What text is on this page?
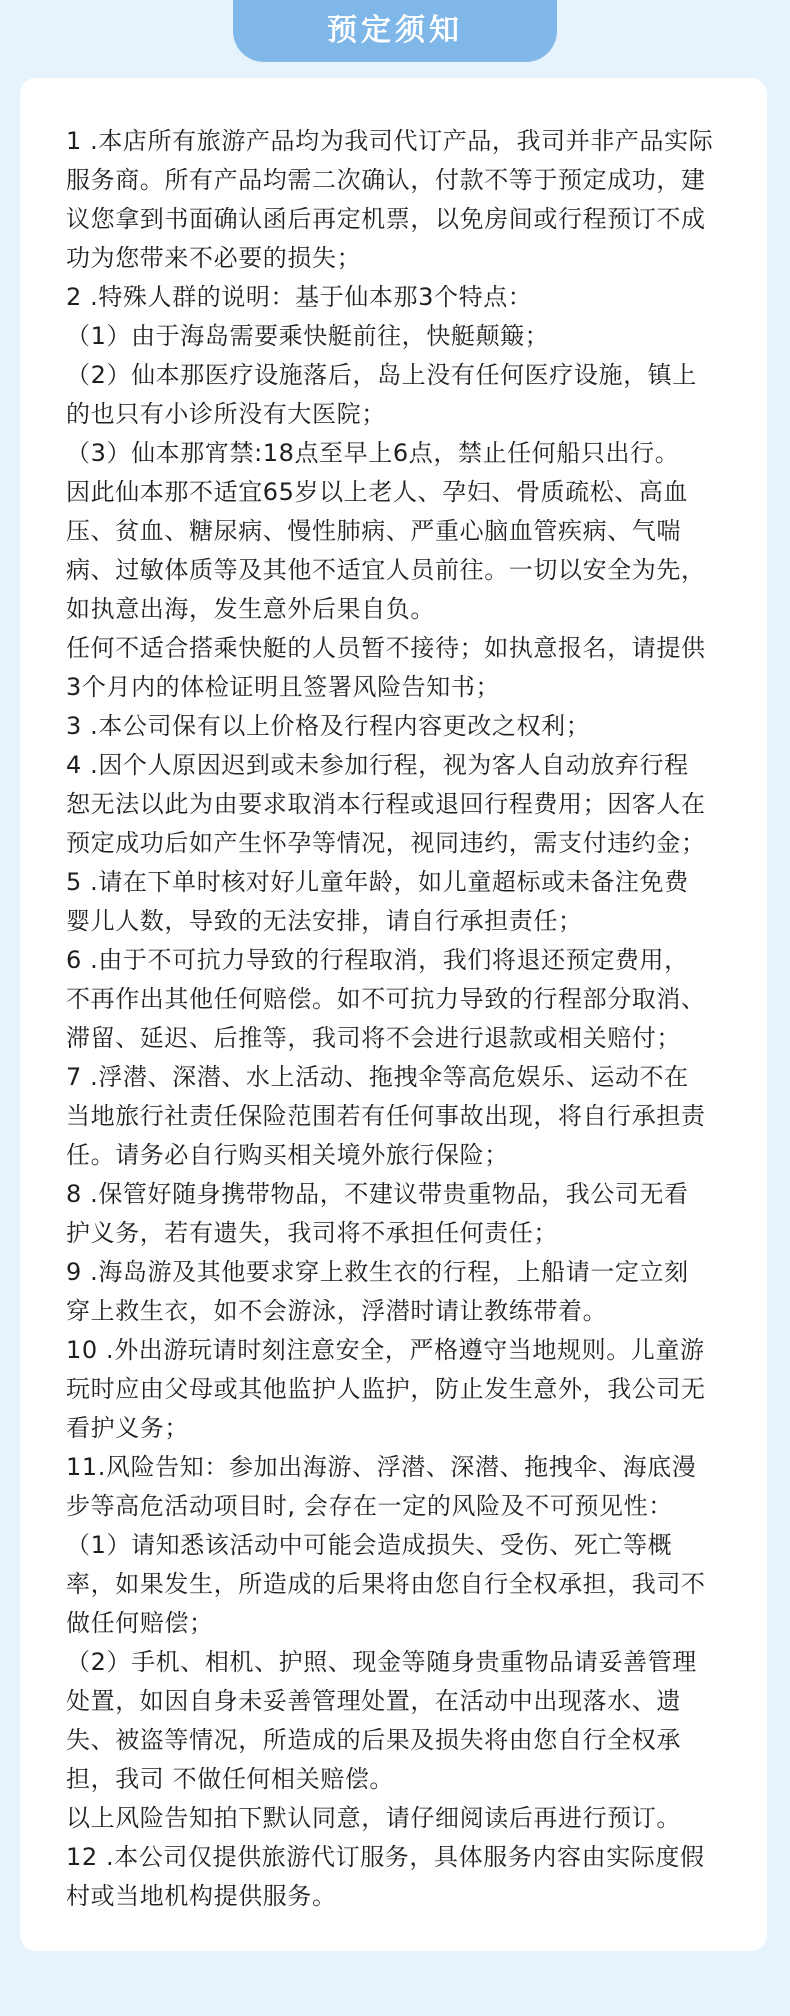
预定须知
1 .本店所有旅游产品均为我司代订产品，我司并非产品实际
服务商。所有产品均需二次确认，付款不等于预定成功，建
议您拿到书面确认函后再定机票，以免房间或行程预订不成
功为您带来不必要的损失；
2 .特殊人群的说明：基于仙本那3个特点：
（1）由于海岛需要乘快艇前往，快艇颠簸；
（2）仙本那医疗设施落后，岛上没有任何医疗设施，镇上
的也只有小诊所没有大医院；
（3）仙本那宵禁:18点至早上6点，禁止任何船只出行。
因此仙本那不适宜65岁以上老人、孕妇、骨质疏松、高血
压、贫血、糖尿病、慢性肺病、严重心脑血管疾病、气喘
病、过敏体质等及其他不适宜人员前往。一切以安全为先，
如执意出海，发生意外后果自负。
任何不适合搭乘快艇的人员暂不接待；如执意报名，请提供
3个月内的体检证明且签署风险告知书；
3 .本公司保有以上价格及行程内容更改之权利；
4 .因个人原因迟到或未参加行程，视为客人自动放弃行程
恕无法以此为由要求取消本行程或退回行程费用；因客人在
预定成功后如产生怀孕等情况，视同违约，需支付违约金；
5 .请在下单时核对好儿童年龄，如儿童超标或未备注免费
婴儿人数，导致的无法安排，请自行承担责任；
6 .由于不可抗力导致的行程取消，我们将退还预定费用，
不再作出其他任何赔偿。如不可抗力导致的行程部分取消、
滞留、延迟、后推等，我司将不会进行退款或相关赔付；
7 .浮潜、深潜、水上活动、拖拽伞等高危娱乐、运动不在
当地旅行社责任保险范围若有任何事故出现，将自行承担责
任。请务必自行购买相关境外旅行保险；
8 .保管好随身携带物品，不建议带贵重物品，我公司无看
护义务，若有遗失，我司将不承担任何责任；
9 .海岛游及其他要求穿上救生衣的行程，上船请一定立刻
穿上救生衣，如不会游泳，浮潜时请让教练带着。
10 .外出游玩请时刻注意安全，严格遵守当地规则。儿童游
玩时应由父母或其他监护人监护，防止发生意外，我公司无
看护义务；
11.风险告知：参加出海游、浮潜、深潜、拖拽伞、海底漫
步等高危活动项目时, 会存在一定的风险及不可预见性：
（1）请知悉该活动中可能会造成损失、受伤、死亡等概
率，如果发生，所造成的后果将由您自行全权承担，我司不
做任何赔偿；
（2）手机、相机、护照、现金等随身贵重物品请妥善管理
处置，如因自身未妥善管理处置，在活动中出现落水、遗
失、被盗等情况，所造成的后果及损失将由您自行全权承
担，我司 不做任何相关赔偿。
以上风险告知拍下默认同意，请仔细阅读后再进行预订。
12 .本公司仅提供旅游代订服务，具体服务内容由实际度假
村或当地机构提供服务。
